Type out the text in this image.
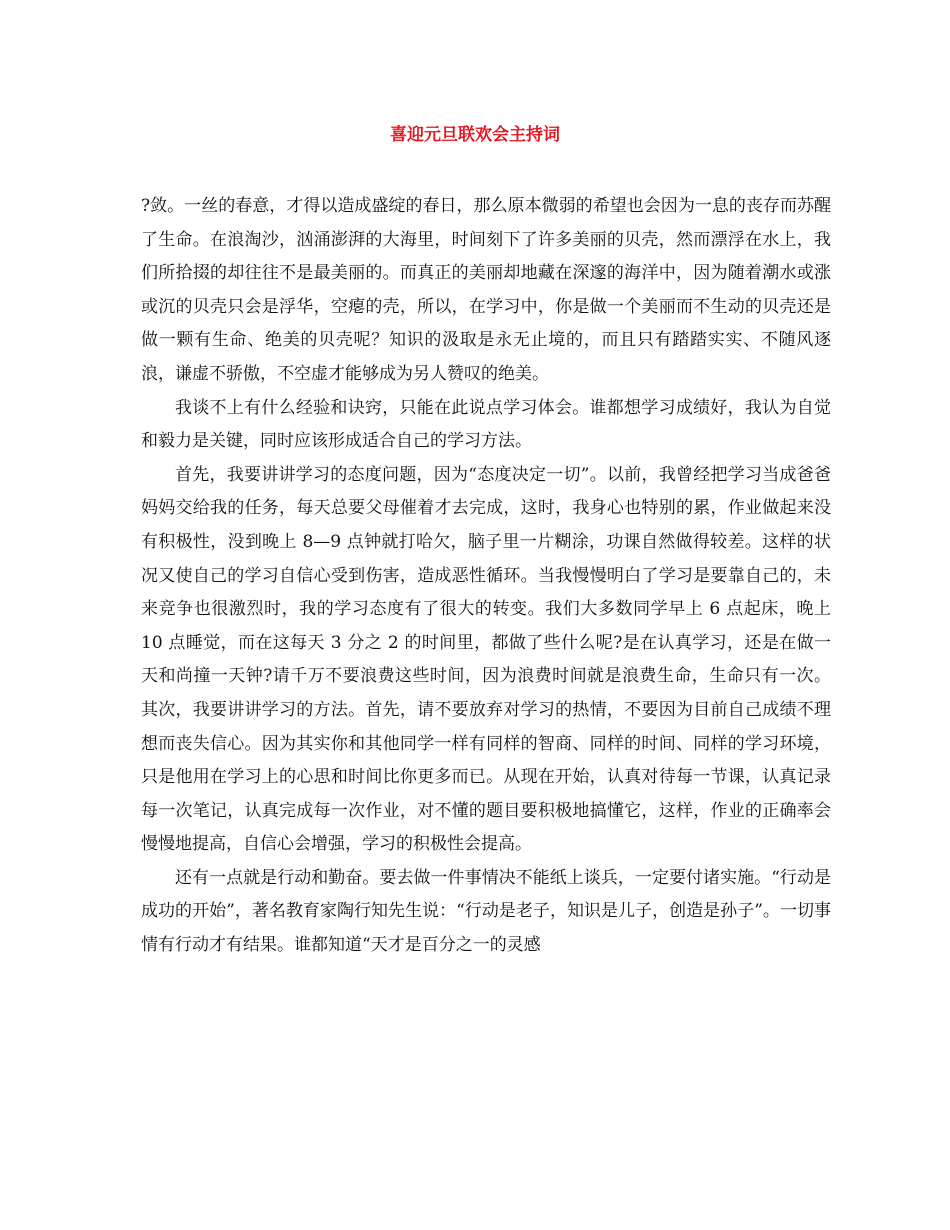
喜迎元旦联欢会主持词

?敛。一丝的春意，才得以造成盛绽的春日，那么原本微弱的希望也会因为一息的丧存而苏醒了生命。在浪淘沙，汹涌澎湃的大海里，时间刻下了许多美丽的贝壳，然而漂浮在水上，我们所拾掇的却往往不是最美丽的。而真正的美丽却地藏在深邃的海洋中，因为随着潮水或涨或沉的贝壳只会是浮华，空瘪的壳，所以，在学习中，你是做一个美丽而不生动的贝壳还是做一颗有生命、绝美的贝壳呢？知识的汲取是永无止境的，而且只有踏踏实实、不随风逐浪，谦虚不骄傲，不空虚才能够成为另人赞叹的绝美。

我谈不上有什么经验和诀窍，只能在此说点学习体会。谁都想学习成绩好，我认为自觉和毅力是关键，同时应该形成适合自己的学习方法。

首先，我要讲讲学习的态度问题，因为“态度决定一切”。以前，我曾经把学习当成爸爸妈妈交给我的任务，每天总要父母催着才去完成，这时，我身心也特别的累，作业做起来没有积极性，没到晚上 8—9 点钟就打哈欠，脑子里一片糊涂，功课自然做得较差。这样的状况又使自己的学习自信心受到伤害，造成恶性循环。当我慢慢明白了学习是要靠自己的，未来竞争也很激烈时，我的学习态度有了很大的转变。我们大多数同学早上 6 点起床，晚上 10 点睡觉，而在这每天 3 分之 2 的时间里，都做了些什么呢?是在认真学习，还是在做一天和尚撞一天钟?请千万不要浪费这些时间，因为浪费时间就是浪费生命，生命只有一次。 其次，我要讲讲学习的方法。首先，请不要放弃对学习的热情，不要因为目前自己成绩不理想而丧失信心。因为其实你和其他同学一样有同样的智商、同样的时间、同样的学习环境，只是他用在学习上的心思和时间比你更多而已。从现在开始，认真对待每一节课，认真记录每一次笔记，认真完成每一次作业，对不懂的题目要积极地搞懂它，这样，作业的正确率会慢慢地提高，自信心会增强，学习的积极性会提高。

还有一点就是行动和勤奋。要去做一件事情决不能纸上谈兵，一定要付诸实施。“行动是成功的开始”，著名教育家陶行知先生说：“行动是老子，知识是儿子，创造是孙子”。一切事情有行动才有结果。谁都知道“天才是百分之一的灵感
